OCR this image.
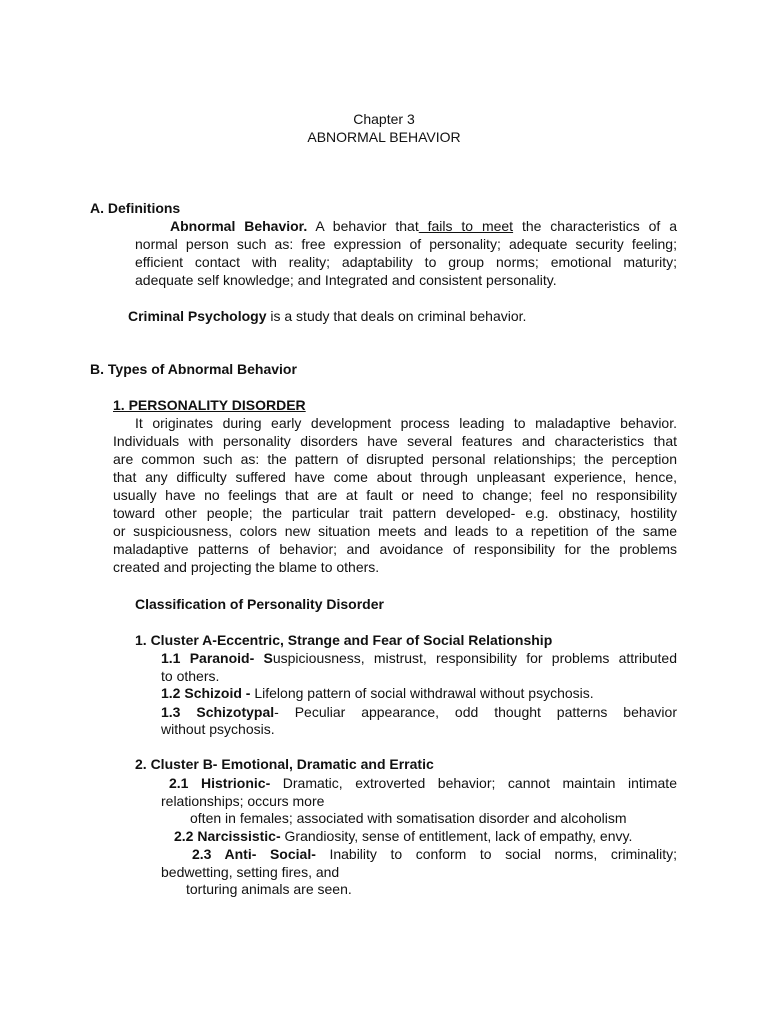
Chapter 3
ABNORMAL BEHAVIOR
A. Definitions
Abnormal Behavior. A behavior that fails to meet the characteristics of a
normal person such as: free expression of personality; adequate security feeling;
efficient contact with reality; adaptability to group norms; emotional maturity;
adequate self knowledge; and Integrated and consistent personality.
Criminal Psychology is a study that deals on criminal behavior.
B. Types of Abnormal Behavior
1. PERSONALITY DISORDER
It originates during early development process leading to maladaptive behavior.
Individuals with personality disorders have several features and characteristics that
are common such as: the pattern of disrupted personal relationships; the perception
that any difficulty suffered have come about through unpleasant experience, hence,
usually have no feelings that are at fault or need to change; feel no responsibility
toward other people; the particular trait pattern developed- e.g. obstinacy, hostility
or suspiciousness, colors new situation meets and leads to a repetition of the same
maladaptive patterns of behavior; and avoidance of responsibility for the problems
created and projecting the blame to others.
Classification of Personality Disorder
1. Cluster A-Eccentric, Strange and Fear of Social Relationship
1.1 Paranoid- Suspiciousness, mistrust, responsibility for problems attributed
to others.
1.2 Schizoid - Lifelong pattern of social withdrawal without psychosis.
1.3 Schizotypal- Peculiar appearance, odd thought patterns behavior
without psychosis.
2. Cluster B- Emotional, Dramatic and Erratic
2.1 Histrionic- Dramatic, extroverted behavior; cannot maintain intimate
relationships; occurs more
often in females; associated with somatisation disorder and alcoholism
2.2 Narcissistic- Grandiosity, sense of entitlement, lack of empathy, envy.
2.3 Anti- Social- Inability to conform to social norms, criminality;
bedwetting, setting fires, and
torturing animals are seen.
